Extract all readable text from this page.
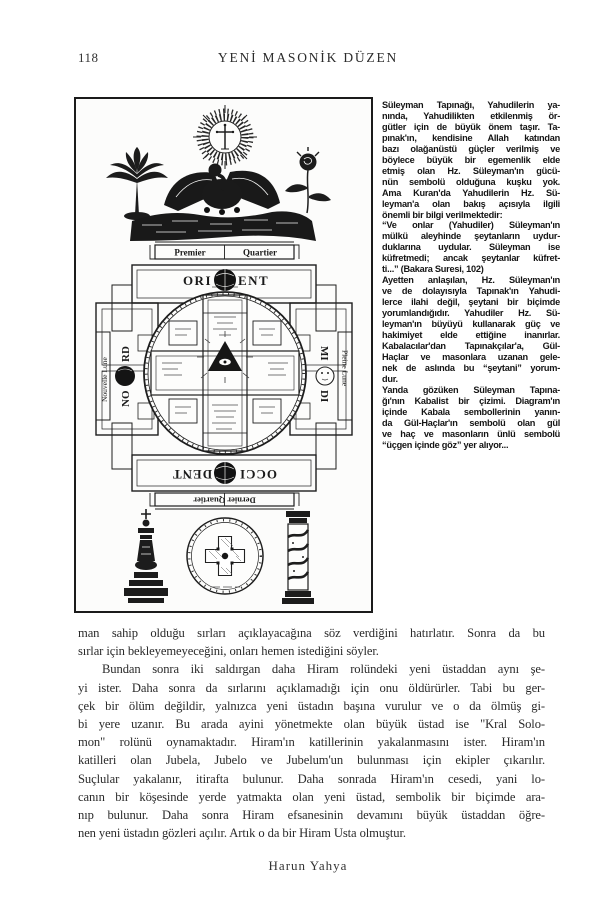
118	YENİ MASONİK DÜZEN
ORI ENT
Premier	Quartier
Dernier Quartier
Nouvelle Lune
RD
NO
Pleine Lune
MI
DI
OCCI
DENT
Süleyman Tapınağı, Yahudilerin ya-
nında, Yahudilikten etkilenmiş ör-
gütler için de büyük önem taşır. Ta-
pınak'ın, kendisine Allah katından
bazı olağanüstü güçler verilmiş ve
böylece büyük bir egemenlik elde
etmiş olan Hz. Süleyman'ın gücü-
nün sembolü olduğuna kuşku yok.
Ama Kuran'da Yahudilerin Hz. Sü-
leyman'a olan bakış açısıyla ilgili
önemli bir bilgi verilmektedir:
“Ve onlar (Yahudiler) Süleyman'ın
mülkü aleyhinde şeytanların uydur-
duklarına uydular. Süleyman ise
küfretmedi; ancak şeytanlar küfret-
ti...” (Bakara Suresi, 102)
Ayetten anlaşılan, Hz. Süleyman'ın
ve de dolayısıyla Tapınak'ın Yahudi-
lerce ilahi değil, şeytani bir biçimde
yorumlandığıdır. Yahudiler Hz. Sü-
leyman'ın büyüyü kullanarak güç ve
hakimiyet elde ettiğine inanırlar.
Kabalacılar'dan Tapınakçılar'a, Gül-
Haçlar ve masonlara uzanan gele-
nek de aslında bu “şeytani” yorum-
dur.
Yanda gözüken Süleyman Tapına-
ğı'nın Kabalist bir çizimi. Diagram'ın
içinde Kabala sembollerinin yanın-
da Gül-Haçlar'ın sembolü olan gül
ve haç ve masonların ünlü sembolü
“üçgen içinde göz” yer alıyor...
man sahip olduğu sırları açıklayacağına söz verdiğini hatırlatır. Sonra da bu
sırlar için bekleyemeyeceğini, onları hemen istediğini söyler.
Bundan sonra iki saldırgan daha Hiram rolündeki yeni üstaddan aynı şe-
yi ister. Daha sonra da sırlarını açıklamadığı için onu öldürürler. Tabi bu ger-
çek bir ölüm değildir, yalnızca yeni üstadın başına vurulur ve o da ölmüş gi-
bi yere uzanır. Bu arada ayini yönetmekte olan büyük üstad ise "Kral Solo-
mon" rolünü oynamaktadır. Hiram'ın katillerinin yakalanmasını ister. Hiram'ın
katilleri olan Jubela, Jubelo ve Jubelum'un bulunması için ekipler çıkarılır.
Suçlular yakalanır, itirafta bulunur. Daha sonrada Hiram'ın cesedi, yani lo-
canın bir köşesinde yerde yatmakta olan yeni üstad, sembolik bir biçimde ara-
nıp bulunur. Daha sonra Hiram efsanesinin devamını büyük üstaddan öğre-
nen yeni üstadın gözleri açılır. Artık o da bir Hiram Usta olmuştur.
Harun Yahya
